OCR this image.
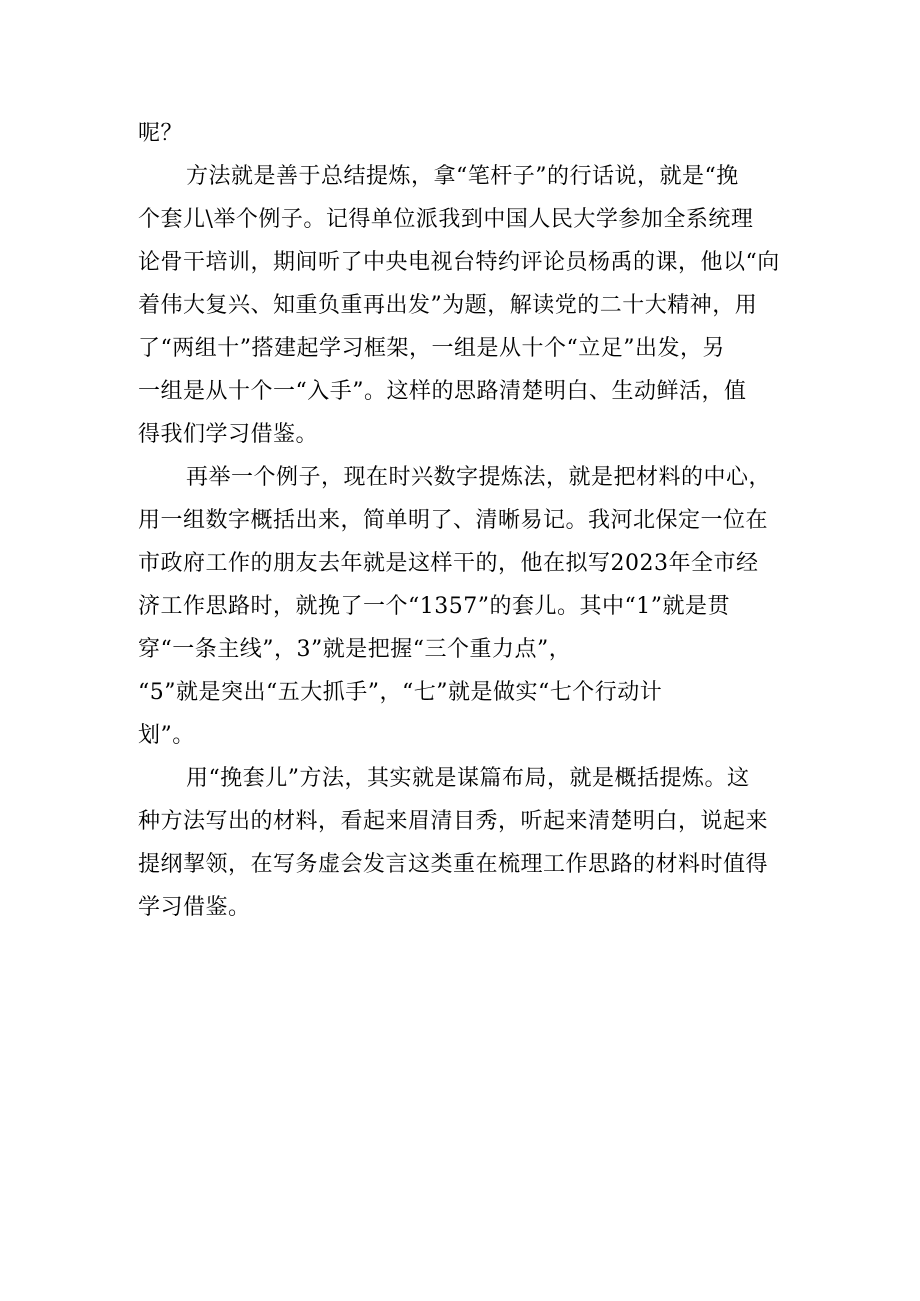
呢？
方法就是善于总结提炼，拿“笔杆子”的行话说，就是“挽
个套儿\举个例子。记得单位派我到中国人民大学参加全系统理
论骨干培训，期间听了中央电视台特约评论员杨禹的课，他以“向
着伟大复兴、知重负重再出发”为题，解读党的二十大精神，用
了“两组十”搭建起学习框架，一组是从十个“立足”出发，另
一组是从十个一“入手”。这样的思路清楚明白、生动鲜活，值
得我们学习借鉴。
再举一个例子，现在时兴数字提炼法，就是把材料的中心，
用一组数字概括出来，简单明了、清晰易记。我河北保定一位在
市政府工作的朋友去年就是这样干的，他在拟写2023年全市经
济工作思路时，就挽了一个“1357”的套儿。其中“1”就是贯
穿“一条主线”，3”就是把握“三个重力点”，
“5”就是突出“五大抓手”，“七”就是做实“七个行动计
划”。
用“挽套儿”方法，其实就是谋篇布局，就是概括提炼。这
种方法写出的材料，看起来眉清目秀，听起来清楚明白，说起来
提纲挈领，在写务虚会发言这类重在梳理工作思路的材料时值得
学习借鉴。
